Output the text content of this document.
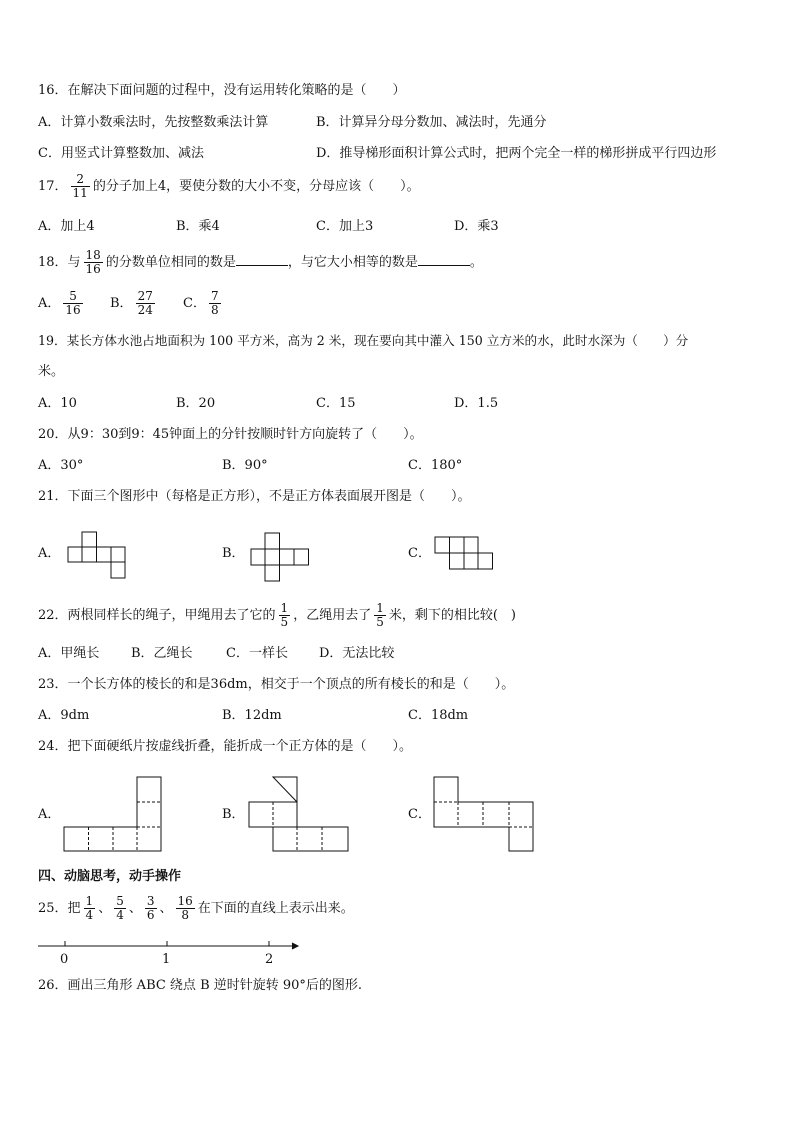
16．在解决下面问题的过程中，没有运用转化策略的是（　　）
A．计算小数乘法时，先按整数乘法计算	B．计算异分母分数加、减法时，先通分
C．用竖式计算整数加、减法	D．推导梯形面积计算公式时，把两个完全一样的梯形拼成平行四边形
17． $\frac{2}{11}$ 的分子加上4，要使分数的大小不变，分母应该（　　）。
A．加上4	B．乘4	C．加上3	D．乘3
18．与 $\frac{18}{16}$ 的分数单位相同的数是	，与它大小相等的数是	。
A． $\frac{5}{16}$ B． $\frac{27}{24}$ C． $\frac{7}{8}$
19．某长方体水池占地面积为 100 平方米，高为 2 米，现在要向其中灌入 150 立方米的水，此时水深为（　　）分
米。
A．10	B．20	C．15	D．1.5
20．从9：30到9：45钟面上的分针按顺时针方向旋转了（　　）。
A．30°	B．90°	C．180°
21．下面三个图形中（每格是正方形），不是正方体表面展开图是（　　）。
A．	B．	C．
22．两根同样长的绳子，甲绳用去了它的 $\frac{1}{5}$ ，乙绳用去了 $\frac{1}{5}$ 米，剩下的相比较(　)
A．甲绳长 B．乙绳长	C．一样长 D．无法比较
23．一个长方体的棱长的和是36dm，相交于一个顶点的所有棱长的和是（　　）。
A．9dm	B．12dm	C．18dm
24．把下面硬纸片按虚线折叠，能折成一个正方体的是（　　）。
A．	B．	C．
四、动脑思考，动手操作
25．把 $\frac{1}{4}$ 、 $\frac{5}{4}$ 、 $\frac{3}{6}$ 、 $\frac{16}{8}$ 在下面的直线上表示出来。
0	1	2
26．画出三角形 ABC 绕点 B 逆时针旋转 90°后的图形.
